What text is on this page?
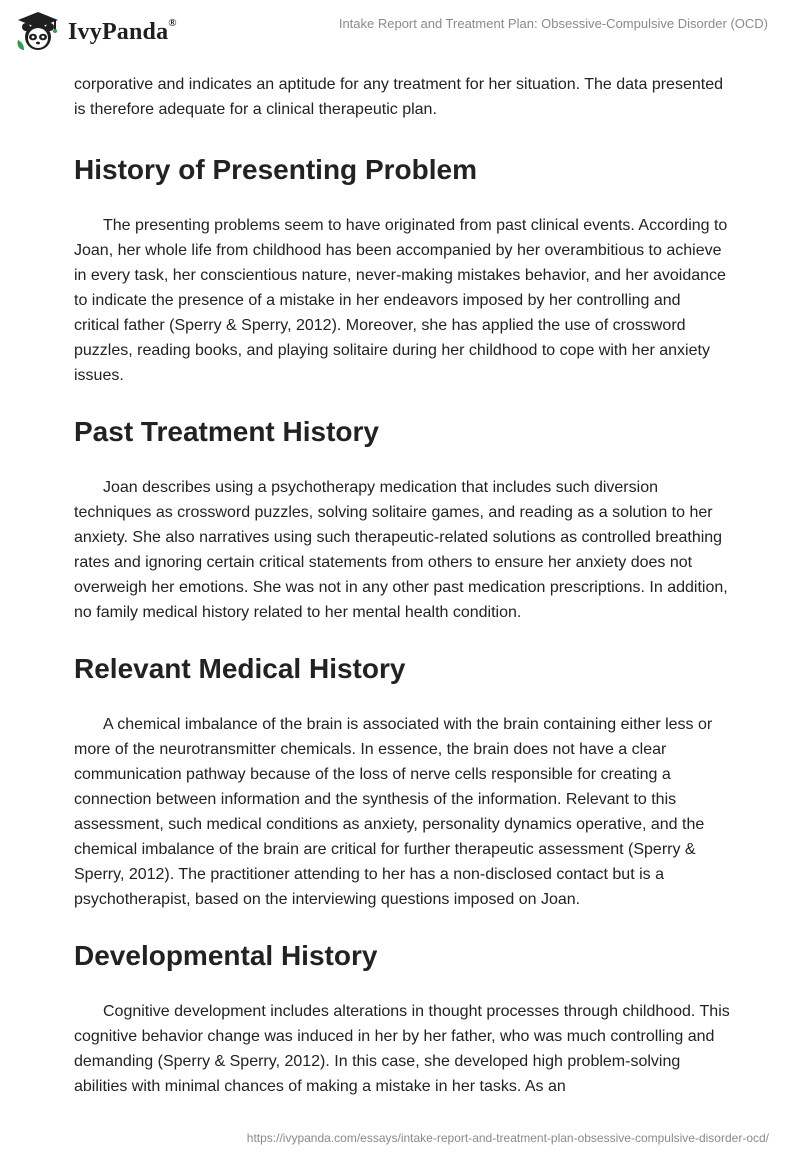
IvyPanda®	Intake Report and Treatment Plan: Obsessive-Compulsive Disorder (OCD)

corporative and indicates an aptitude for any treatment for her situation. The data presented is therefore adequate for a clinical therapeutic plan.

History of Presenting Problem

The presenting problems seem to have originated from past clinical events. According to Joan, her whole life from childhood has been accompanied by her overambitious to achieve in every task, her conscientious nature, never-making mistakes behavior, and her avoidance to indicate the presence of a mistake in her endeavors imposed by her controlling and critical father (Sperry & Sperry, 2012). Moreover, she has applied the use of crossword puzzles, reading books, and playing solitaire during her childhood to cope with her anxiety issues.

Past Treatment History

Joan describes using a psychotherapy medication that includes such diversion techniques as crossword puzzles, solving solitaire games, and reading as a solution to her anxiety. She also narratives using such therapeutic-related solutions as controlled breathing rates and ignoring certain critical statements from others to ensure her anxiety does not overweigh her emotions. She was not in any other past medication prescriptions. In addition, no family medical history related to her mental health condition.

Relevant Medical History

A chemical imbalance of the brain is associated with the brain containing either less or more of the neurotransmitter chemicals. In essence, the brain does not have a clear communication pathway because of the loss of nerve cells responsible for creating a connection between information and the synthesis of the information. Relevant to this assessment, such medical conditions as anxiety, personality dynamics operative, and the chemical imbalance of the brain are critical for further therapeutic assessment (Sperry & Sperry, 2012). The practitioner attending to her has a non-disclosed contact but is a psychotherapist, based on the interviewing questions imposed on Joan.

Developmental History

Cognitive development includes alterations in thought processes through childhood. This cognitive behavior change was induced in her by her father, who was much controlling and demanding (Sperry & Sperry, 2012). In this case, she developed high problem-solving abilities with minimal chances of making a mistake in her tasks. As an

https://ivypanda.com/essays/intake-report-and-treatment-plan-obsessive-compulsive-disorder-ocd/
